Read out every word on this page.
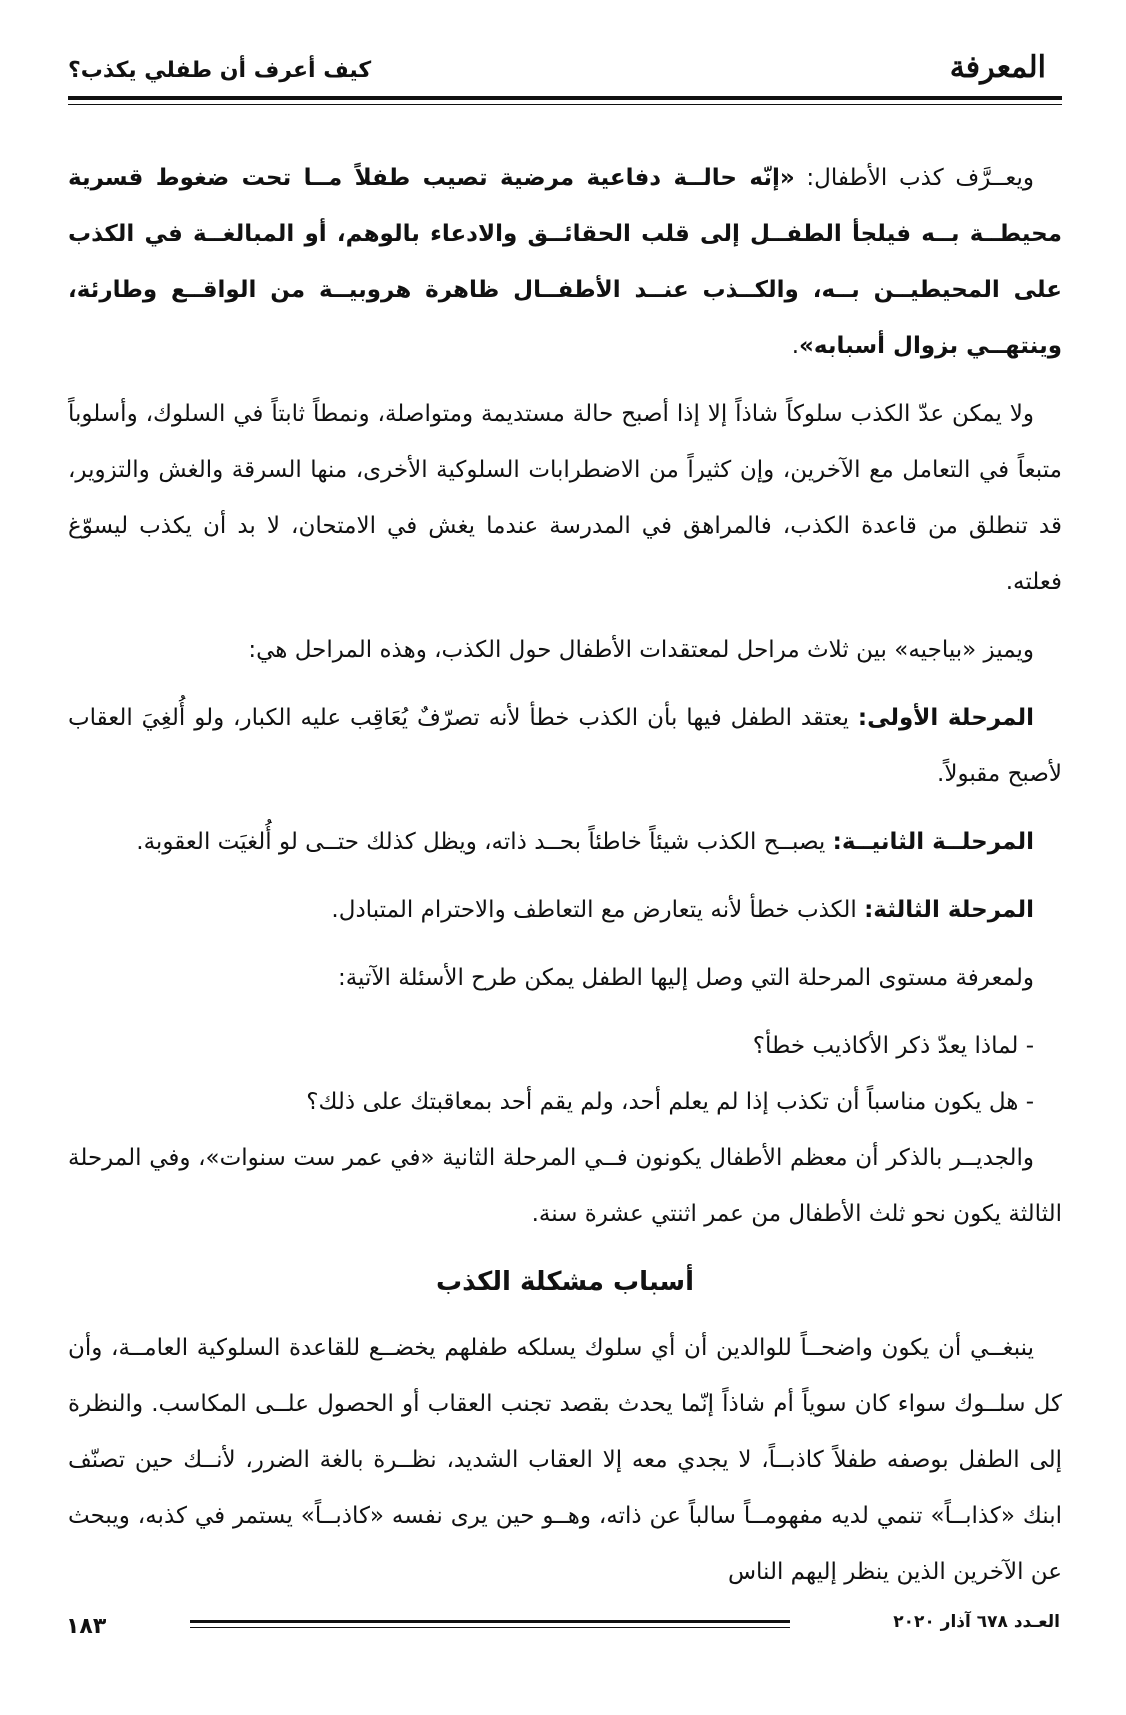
المعرفة
كيف أعرف أن طفلي يكذب؟

ويعــرَّف كذب الأطفال: «إنّه حالــة دفاعية مرضية تصيب طفلاً مــا تحت ضغوط قسرية محيطــة بــه فيلجأ الطفــل إلى قلب الحقائــق والادعاء بالوهم، أو المبالغــة في الكذب على المحيطيــن بــه، والكــذب عنــد الأطفــال ظاهرة هروبيــة من الواقــع وطارئة، وينتهــي بزوال أسبابه».

ولا يمكن عدّ الكذب سلوكاً شاذاً إلا إذا أصبح حالة مستديمة ومتواصلة، ونمطاً ثابتاً في السلوك، وأسلوباً متبعاً في التعامل مع الآخرين، وإن كثيراً من الاضطرابات السلوكية الأخرى، منها السرقة والغش والتزوير، قد تنطلق من قاعدة الكذب، فالمراهق في المدرسة عندما يغش في الامتحان، لا بد أن يكذب ليسوّغ فعلته.

ويميز «بياجيه» بين ثلاث مراحل لمعتقدات الأطفال حول الكذب، وهذه المراحل هي:

المرحلة الأولى: يعتقد الطفل فيها بأن الكذب خطأ لأنه تصرّفٌ يُعَاقِب عليه الكبار، ولو أُلغِيَ العقاب لأصبح مقبولاً.

المرحلــة الثانيــة: يصبــح الكذب شيئاً خاطئاً بحــد ذاته، ويظل كذلك حتــى لو أُلغيَت العقوبة.

المرحلة الثالثة: الكذب خطأ لأنه يتعارض مع التعاطف والاحترام المتبادل.

ولمعرفة مستوى المرحلة التي وصل إليها الطفل يمكن طرح الأسئلة الآتية:

- لماذا يعدّ ذكر الأكاذيب خطأ؟

- هل يكون مناسباً أن تكذب إذا لم يعلم أحد، ولم يقم أحد بمعاقبتك على ذلك؟

والجديــر بالذكر أن معظم الأطفال يكونون فــي المرحلة الثانية «في عمر ست سنوات»، وفي المرحلة الثالثة يكون نحو ثلث الأطفال من عمر اثنتي عشرة سنة.

أسباب مشكلة الكذب

ينبغــي أن يكون واضحــاً للوالدين أن أي سلوك يسلكه طفلهم يخضــع للقاعدة السلوكية العامــة، وأن كل سلــوك سواء كان سوياً أم شاذاً إنّما يحدث بقصد تجنب العقاب أو الحصول علــى المكاسب. والنظرة إلى الطفل بوصفه طفلاً كاذبــاً، لا يجدي معه إلا العقاب الشديد، نظــرة بالغة الضرر، لأنــك حين تصنّف ابنك «كذابــاً» تنمي لديه مفهومــاً سالباً عن ذاته، وهــو حين يرى نفسه «كاذبــاً» يستمر في كذبه، ويبحث عن الآخرين الذين ينظر إليهم الناس

١٨٣	العـدد ٦٧٨ آذار ٢٠٢٠
